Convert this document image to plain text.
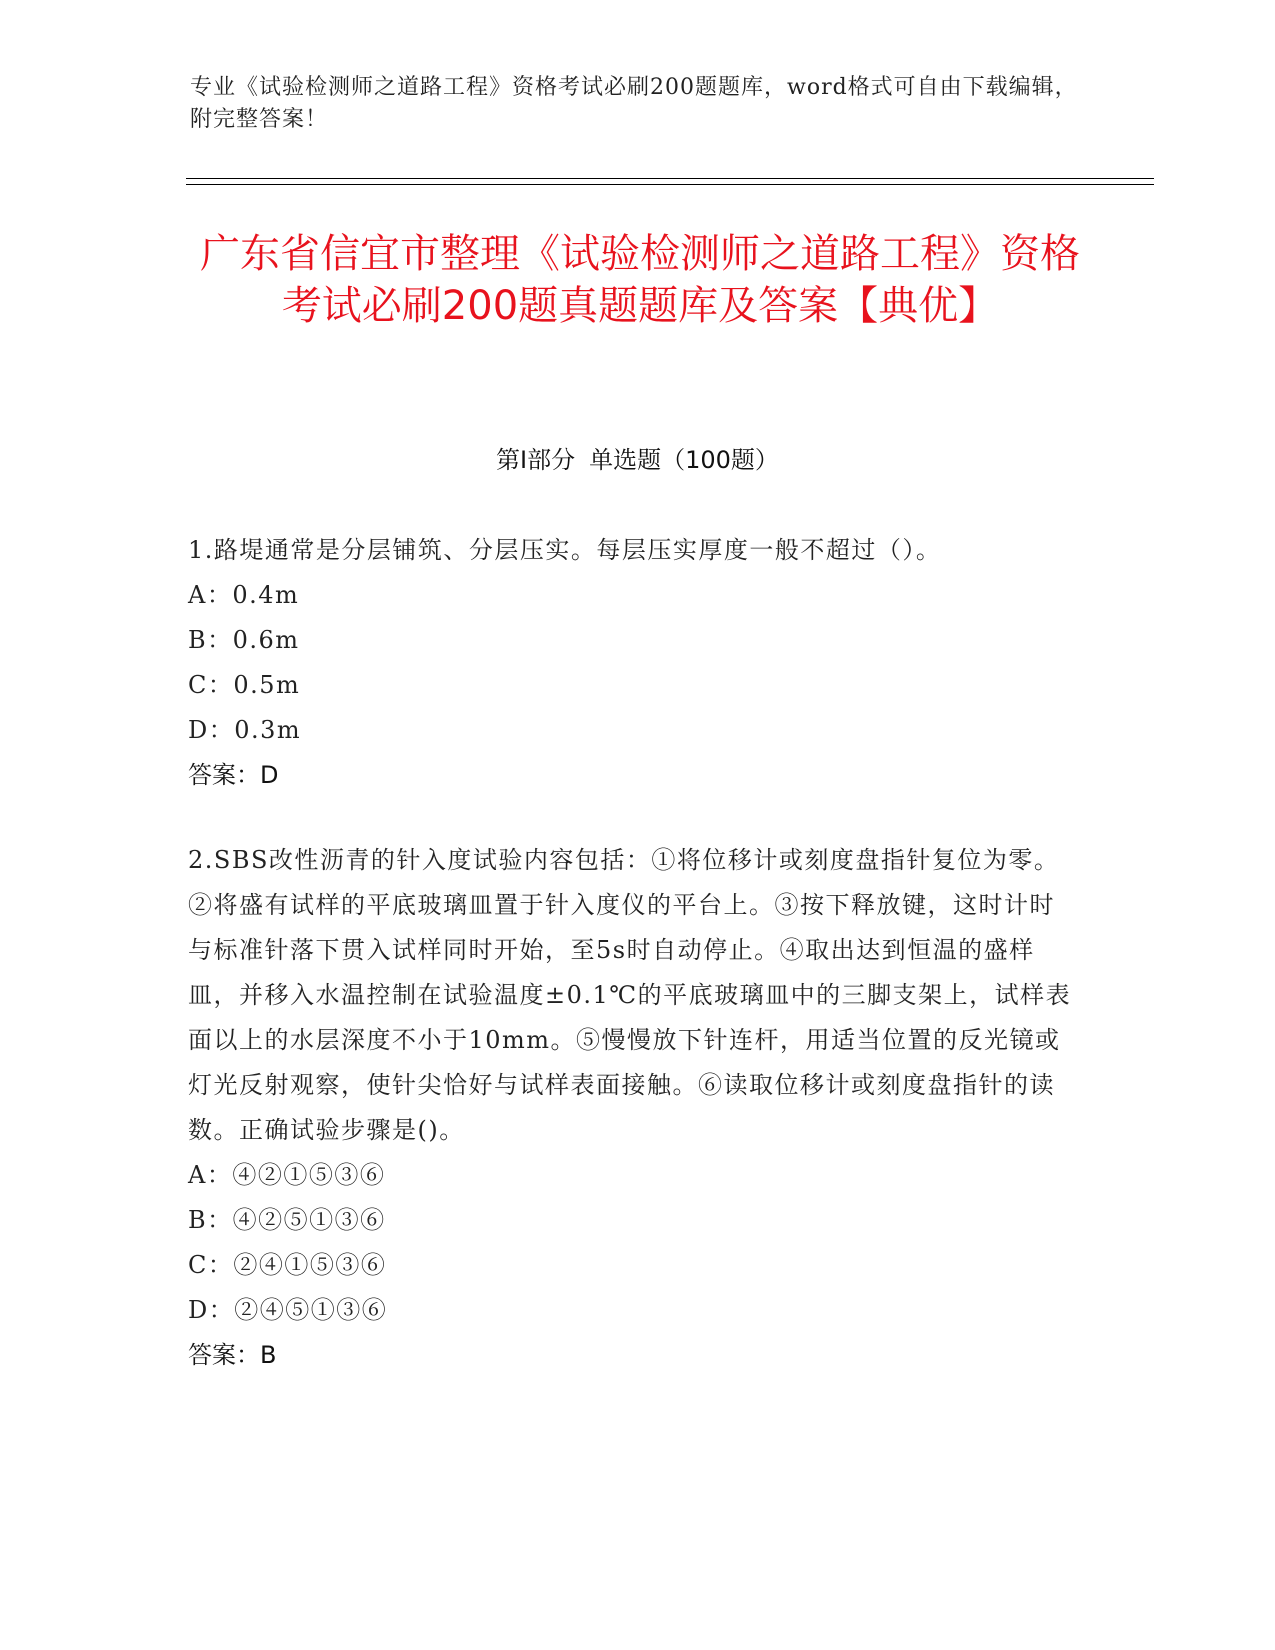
专业《试验检测师之道路工程》资格考试必刷200题题库，word格式可自由下载编辑，附完整答案！
广东省信宜市整理《试验检测师之道路工程》资格考试必刷200题真题题库及答案【典优】
第I部分 单选题（100题）
1.路堤通常是分层铺筑、分层压实。每层压实厚度一般不超过（）。
A：0.4m
B：0.6m
C：0.5m
D：0.3m
答案：D
2.SBS改性沥青的针入度试验内容包括：①将位移计或刻度盘指针复位为零。②将盛有试样的平底玻璃皿置于针入度仪的平台上。③按下释放键，这时计时与标准针落下贯入试样同时开始，至5s时自动停止。④取出达到恒温的盛样皿，并移入水温控制在试验温度±0.1℃的平底玻璃皿中的三脚支架上，试样表面以上的水层深度不小于10mm。⑤慢慢放下针连杆，用适当位置的反光镜或灯光反射观察，使针尖恰好与试样表面接触。⑥读取位移计或刻度盘指针的读数。正确试验步骤是()。
A：④②①⑤③⑥
B：④②⑤①③⑥
C：②④①⑤③⑥
D：②④⑤①③⑥
答案：B
